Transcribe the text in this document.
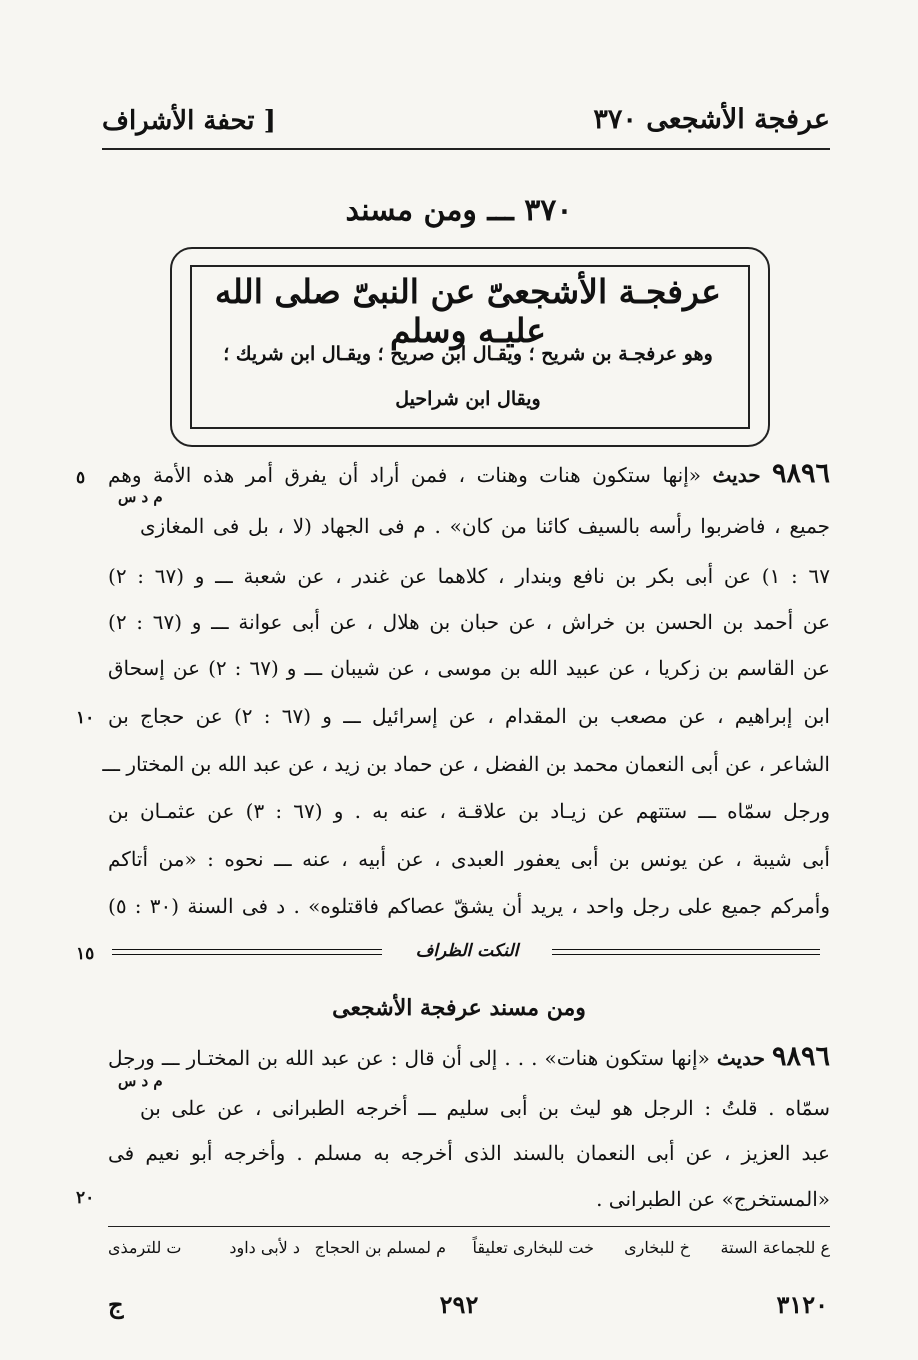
عرفجة الأشجعى ٣٧٠
[ تحفة الأشراف
٣٧٠ ـــ ومن مسند
عرفجـة الأشجعىّ عن النبىّ صلى الله عليـه وسلم
وهو عرفجـة بن شريح ؛ ويقـال ابن صريح ؛ ويقـال ابن شريك ؛
ويقال ابن شراحيل
٩٨٩٦ حديث «إنها ستكون هنات وهنات ، فمن أراد أن يفرق أمر هذه الأمة وهم
م د س
جميع ، فاضربوا رأسه بالسيف كائنا من كان» . م فى الجهاد (لا ، بل فى المغازى
٦٧ : ١) عن أبى بكر بن نافع وبندار ، كلاهما عن غندر ، عن شعبة ـــ و (٦٧ : ٢)
عن أحمد بن الحسن بن خراش ، عن حبان بن هلال ، عن أبى عوانة ـــ و (٦٧ : ٢)
عن القاسم بن زكريا ، عن عبيد الله بن موسى ، عن شيبان ـــ و (٦٧ : ٢) عن إسحاق
ابن إبراهيم ، عن مصعب بن المقدام ، عن إسرائيل ـــ و (٦٧ : ٢) عن حجاج بن
الشاعر ، عن أبى النعمان محمد بن الفضل ، عن حماد بن زيد ، عن عبد الله بن المختار ـــ
ورجل سمّاه ـــ ستتهم عن زيـاد بن علاقـة ، عنه به . و (٦٧ : ٣) عن عثمـان بن
أبى شيبة ، عن يونس بن أبى يعفور العبدى ، عن أبيه ، عنه ـــ نحوه : «من أتاكم
وأمركم جميع على رجل واحد ، يريد أن يشقّ عصاكم فاقتلوه» . د فى السنة (٣٠ : ٥)
٥
١٠
١٥	النكت الظراف
ومن مسند عرفجة الأشجعى
٩٨٩٦ حديث «إنها ستكون هنات» . . . إلى أن قال : عن عبد الله بن المختـار ـــ ورجل
م د س
سمّاه . قلتُ : الرجل هو ليث بن أبى سليم ـــ أخرجه الطبرانى ، عن على بن
عبد العزيز ، عن أبى النعمان بالسند الذى أخرجه به مسلم . وأخرجه أبو نعيم فى
«المستخرج» عن الطبرانى .
٢٠
ع للجماعة الستة
خ للبخارى
خت للبخارى تعليقاً
م لمسلم بن الحجاج
د لأبى داود
ت للترمذى
٣١٢٠
٢٩٢
ج
